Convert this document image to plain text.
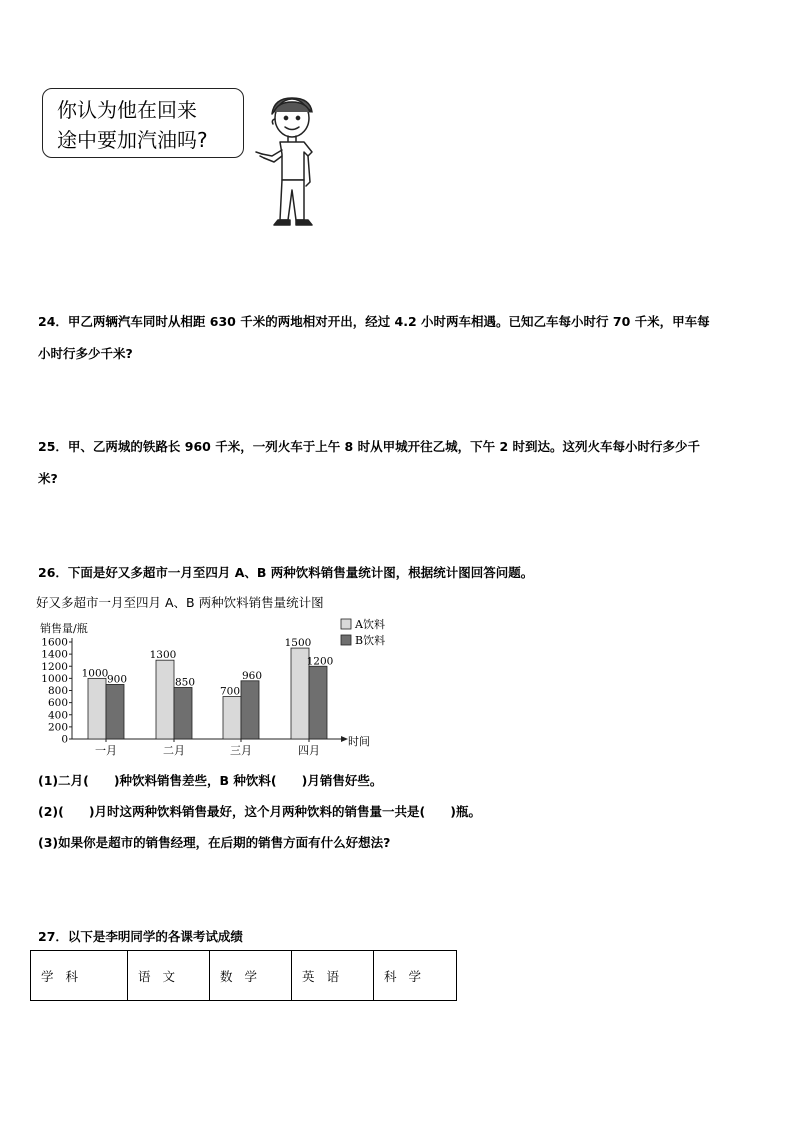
你认为他在回来
途中要加汽油吗?
24．甲乙两辆汽车同时从相距 630 千米的两地相对开出，经过 4.2 小时两车相遇。已知乙车每小时行 70 千米，甲车每
小时行多少千米?
25．甲、乙两城的铁路长 960 千米，一列火车于上午 8 时从甲城开往乙城，下午 2 时到达。这列火车每小时行多少千
米?
26．下面是好又多超市一月至四月 A、B 两种饮料销售量统计图，根据统计图回答问题。
好又多超市一月至四月 A、B 两种饮料销售量统计图
销售量/瓶
时间
0
200
400
600
800
1000
1200
1400
1600
1000
900
1300
850
700
960
1500
1200
一月	二月	三月	四月
A饮料
B饮料
(1)二月(　　)种饮料销售差些，B 种饮料(　　)月销售好些。
(2)(　　)月时这两种饮料销售最好，这个月两种饮料的销售量一共是(　　)瓶。
(3)如果你是超市的销售经理，在后期的销售方面有什么好想法?
27．以下是李明同学的各课考试成绩
学 科	语 文	数 学	英 语	科 学
